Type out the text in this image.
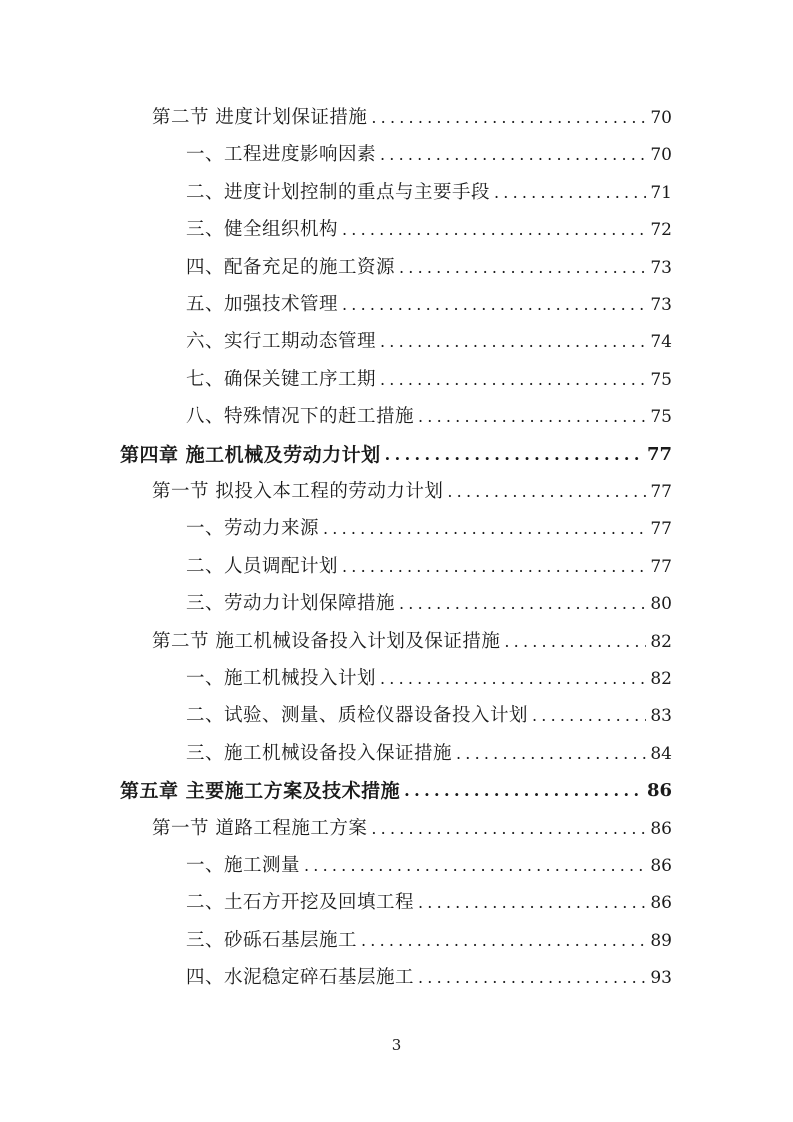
第二节 进度计划保证措施 .....	70
一、工程进度影响因素 .....	70
二、进度计划控制的重点与主要手段 .....	71
三、健全组织机构 .....	72
四、配备充足的施工资源 .....	73
五、加强技术管理 .....	73
六、实行工期动态管理 .....	74
七、确保关键工序工期 .....	75
八、特殊情况下的赶工措施 .....	75
第四章 施工机械及劳动力计划 .....	77
第一节 拟投入本工程的劳动力计划 .....	77
一、劳动力来源 .....	77
二、人员调配计划 .....	77
三、劳动力计划保障措施 .....	80
第二节 施工机械设备投入计划及保证措施 .....	82
一、施工机械投入计划 .....	82
二、试验、测量、质检仪器设备投入计划 .....	83
三、施工机械设备投入保证措施 .....	84
第五章 主要施工方案及技术措施 .....	86
第一节 道路工程施工方案 .....	86
一、施工测量 .....	86
二、土石方开挖及回填工程 .....	86
三、砂砾石基层施工 .....	89
四、水泥稳定碎石基层施工 .....	93
3
